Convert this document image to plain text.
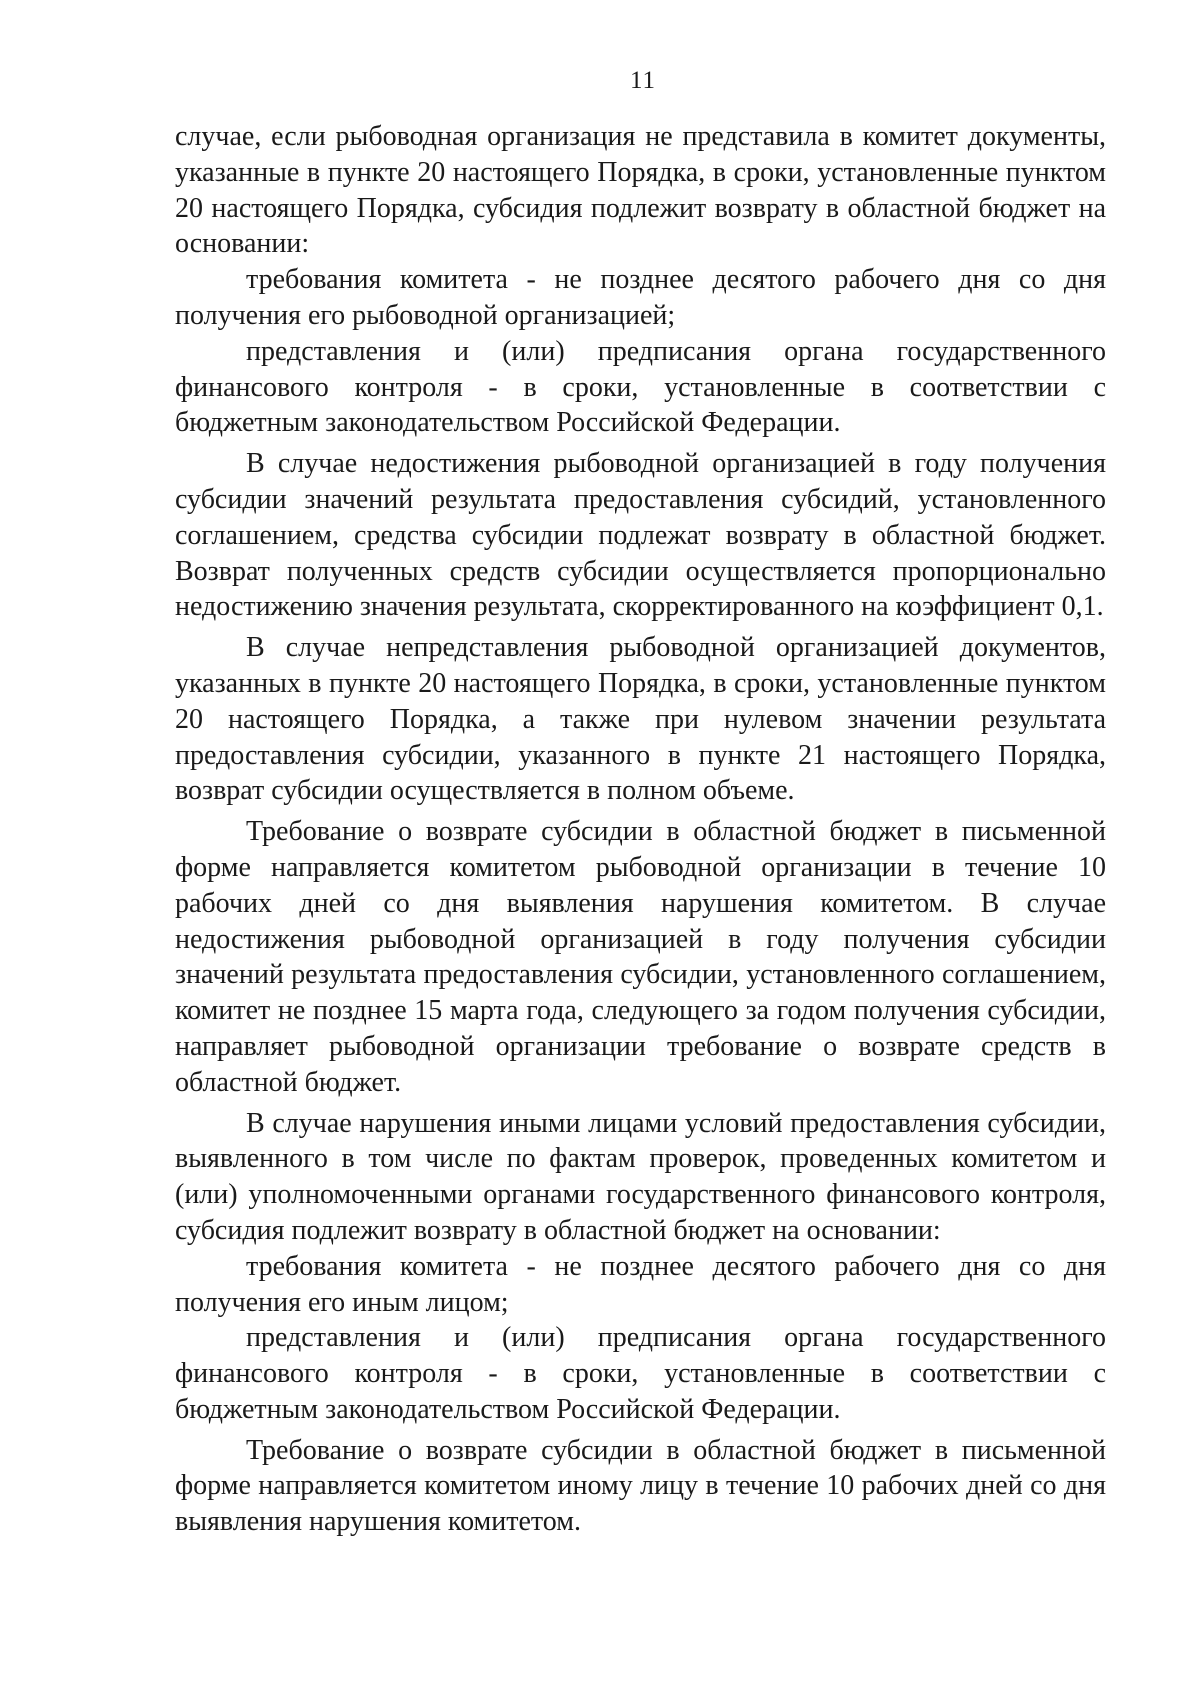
11

случае, если рыбоводная организация не представила в комитет документы, указанные в пункте 20 настоящего Порядка, в сроки, установленные пунктом 20 настоящего Порядка, субсидия подлежит возврату в областной бюджет на основании:

требования комитета - не позднее десятого рабочего дня со дня получения его рыбоводной организацией;

представления и (или) предписания органа государственного финансового контроля - в сроки, установленные в соответствии с бюджетным законодательством Российской Федерации.

В случае недостижения рыбоводной организацией в году получения субсидии значений результата предоставления субсидий, установленного соглашением, средства субсидии подлежат возврату в областной бюджет. Возврат полученных средств субсидии осуществляется пропорционально недостижению значения результата, скорректированного на коэффициент 0,1.

В случае непредставления рыбоводной организацией документов, указанных в пункте 20 настоящего Порядка, в сроки, установленные пунктом 20 настоящего Порядка, а также при нулевом значении результата предоставления субсидии, указанного в пункте 21 настоящего Порядка, возврат субсидии осуществляется в полном объеме.

Требование о возврате субсидии в областной бюджет в письменной форме направляется комитетом рыбоводной организации в течение 10 рабочих дней со дня выявления нарушения комитетом. В случае недостижения рыбоводной организацией в году получения субсидии значений результата предоставления субсидии, установленного соглашением, комитет не позднее 15 марта года, следующего за годом получения субсидии, направляет рыбоводной организации требование о возврате средств в областной бюджет.

В случае нарушения иными лицами условий предоставления субсидии, выявленного в том числе по фактам проверок, проведенных комитетом и (или) уполномоченными органами государственного финансового контроля, субсидия подлежит возврату в областной бюджет на основании:

требования комитета - не позднее десятого рабочего дня со дня получения его иным лицом;

представления и (или) предписания органа государственного финансового контроля - в сроки, установленные в соответствии с бюджетным законодательством Российской Федерации.

Требование о возврате субсидии в областной бюджет в письменной форме направляется комитетом иному лицу в течение 10 рабочих дней со дня выявления нарушения комитетом.
